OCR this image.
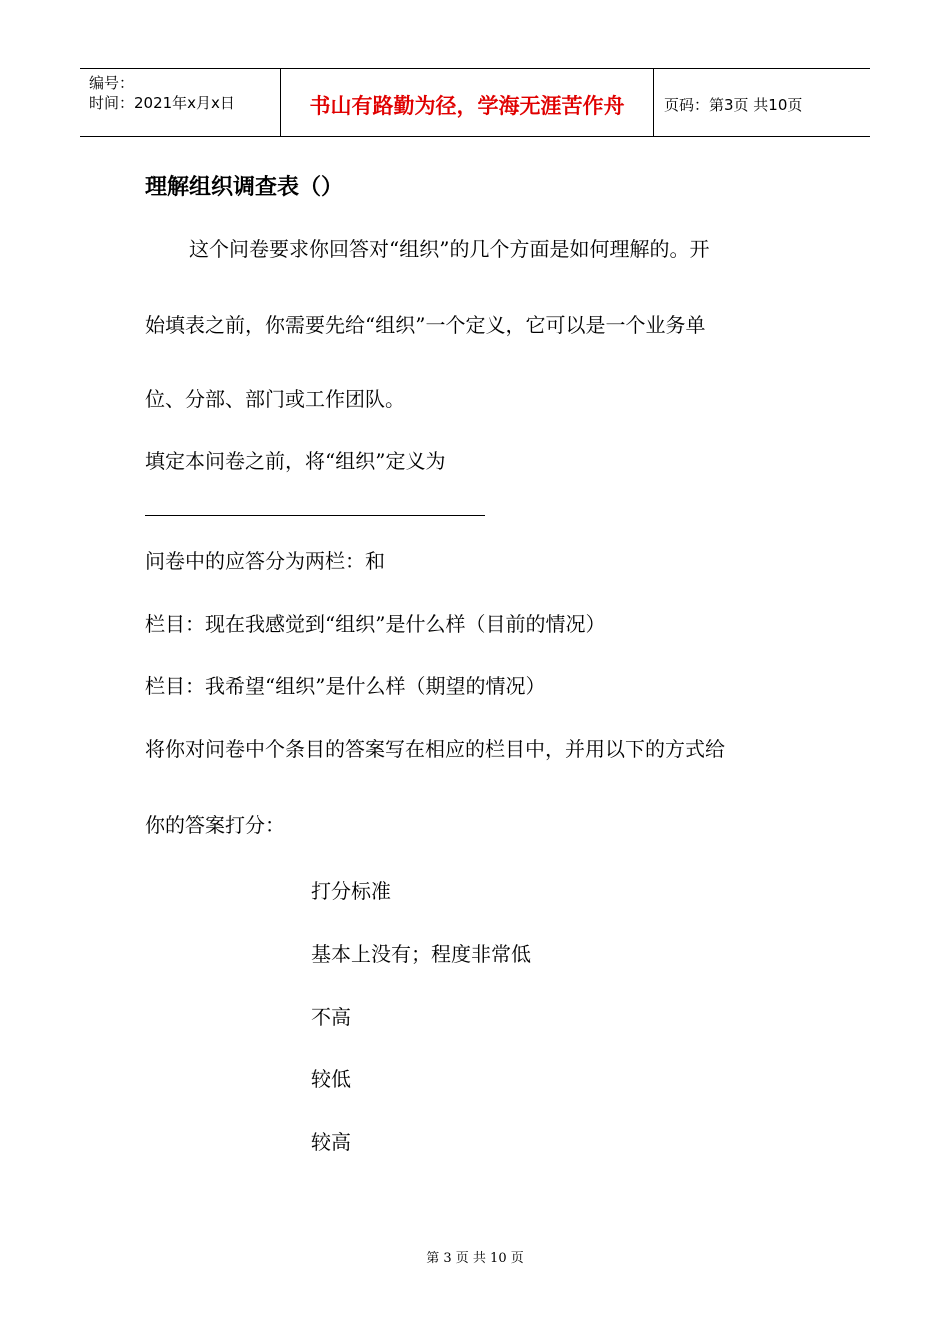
编号：
时间：2021年x月x日	书山有路勤为径，学海无涯苦作舟	页码：第3页 共10页
理解组织调查表（）
这个问卷要求你回答对“组织”的几个方面是如何理解的。开
始填表之前，你需要先给“组织”一个定义，它可以是一个业务单
位、分部、部门或工作团队。
填定本问卷之前，将“组织”定义为
问卷中的应答分为两栏：和
栏目：现在我感觉到“组织”是什么样（目前的情况）
栏目：我希望“组织”是什么样（期望的情况）
将你对问卷中个条目的答案写在相应的栏目中，并用以下的方式给
你的答案打分：
打分标准
基本上没有；程度非常低
不高
较低
较高
第 3 页 共 10 页
